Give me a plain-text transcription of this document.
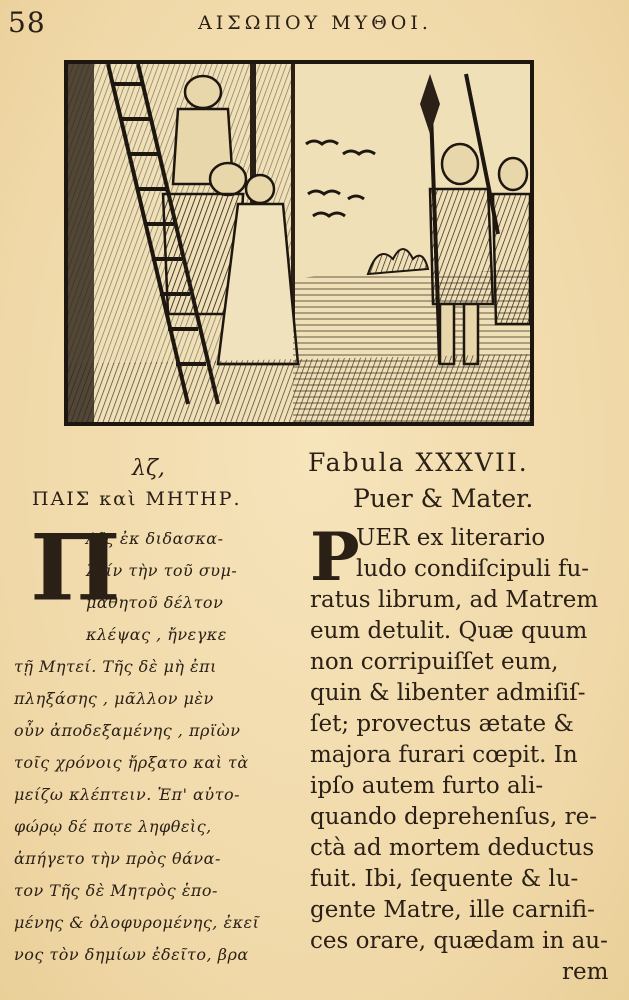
58	ΑΙΣΩΠΟΥ ΜΥΘΟΙ.
λζ,
ΠΑΙΣ καὶ ΜΗΤΗΡ.
Π
Αῖς ἐκ διδασκα-
λείν τὴν τοῦ συμ-
μαθητοῦ δέλτον
κλέψας , ἤνεγκε
τῇ Μητεί. Τῆς δὲ μὴ ἐπι
πληξάσης , μᾶλλον μὲν
οὖν ἀποδεξαμένης , πρϊὼν
τοῖς χρόνοις ἤρξατο καὶ τὰ
μείζω κλέπτειν. Ἐπ' αὐτο-
φώρῳ δέ ποτε ληφθεὶς,
ἀπήγετο τὴν πρὸς θάνα-
τον Τῆς δὲ Μητρὸς ἑπο-
μένης & ὀλοφυρομένης, ἐκεῖ
νος τὸν δημίων ἐδεῖτο, βρα
Fabula XXXVII.
Puer & Mater.
P
UER ex literario
ludo condiſcipuli fu-
ratus librum, ad Matrem
eum detulit. Quæ quum
non corripuiſſet eum,
quin & libenter admiſiſ-
ſet; provectus ætate &
majora furari cœpit. In
ipſo autem furto ali-
quando deprehenſus, re-
ctà ad mortem deductus
fuit. Ibi, ſequente & lu-
gente Matre, ille carnifi-
ces orare, quædam in au-
rem
